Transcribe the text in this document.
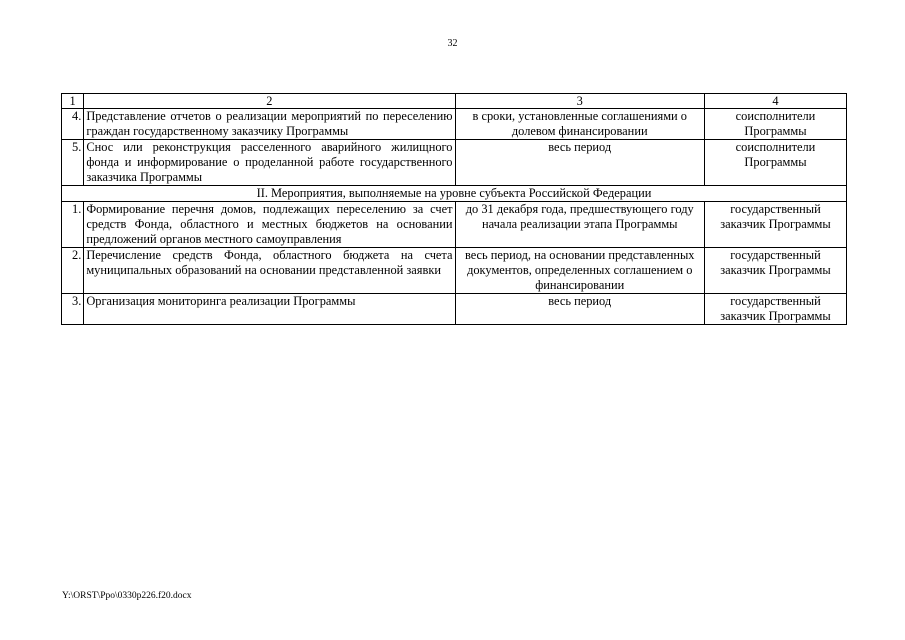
32
1	2	3	4
4.	Представление отчетов о реализации мероприятий по переселению граждан государственному заказчику Программы	в сроки, установленные соглашениями о долевом финансировании	соисполнители Программы
5.	Снос или реконструкция расселенного аварийного жилищного фонда и информирование о проделанной работе государственного заказчика Программы	весь период	соисполнители Программы
II. Мероприятия, выполняемые на уровне субъекта Российской Федерации			
1.	Формирование перечня домов, подлежащих переселению за счет средств Фонда, областного и местных бюджетов на основании предложений органов местного самоуправления	до 31 декабря года, предшествующего году начала реализации этапа Программы	государственный заказчик Программы
2.	Перечисление средств Фонда, областного бюджета на счета муниципальных образований на основании представленной заявки	весь период, на основании представленных документов, определенных соглашением о финансировании	государственный заказчик Программы
3.	Организация мониторинга реализации Программы	весь период	государственный заказчик Программы
Y:\ORST\Ppo\0330p226.f20.docx
